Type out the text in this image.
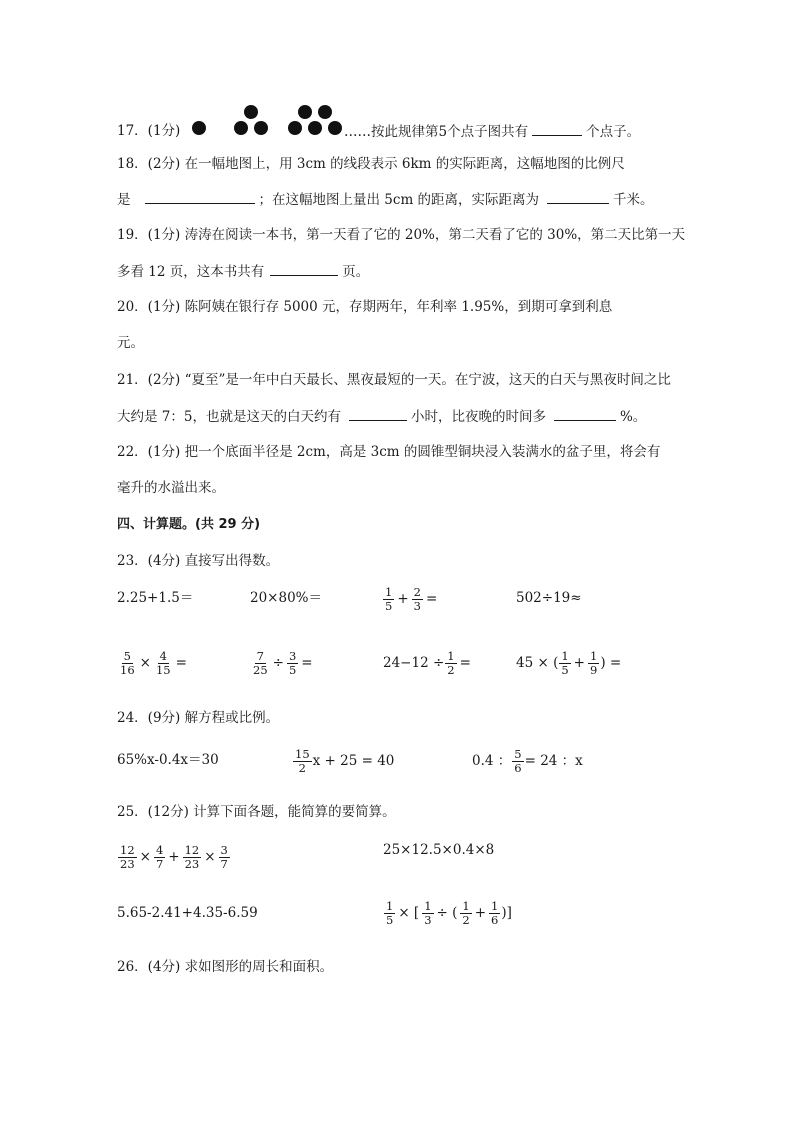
17．(1分)	……按此规律第5个点子图共有	个点子。
18．(2分) 在一幅地图上，用 3cm 的线段表示 6km 的实际距离，这幅地图的比例尺
是	；在这幅地图上量出 5cm 的距离，实际距离为	千米。
19．(1分) 涛涛在阅读一本书，第一天看了它的 20%，第二天看了它的 30%，第二天比第一天
多看 12 页，这本书共有	页。
20．(1分) 陈阿姨在银行存 5000 元，存期两年，年利率 1.95%，到期可拿到利息
元。
21．(2分) “夏至”是一年中白天最长、黑夜最短的一天。在宁波，这天的白天与黑夜时间之比
大约是 7：5，也就是这天的白天约有	小时，比夜晚的时间多	%。
22．(1分) 把一个底面半径是 2cm，高是 3cm 的圆锥型铜块浸入装满水的盆子里，将会有
毫升的水溢出来。
四、计算题。(共 29 分)
23．(4分) 直接写出得数。
2.25+1.5＝	20×80%＝	$\frac{1}{5} + \frac{2}{3}$ =	502÷19≈
$\frac{5}{16} \times \frac{4}{15}$ =	$\frac{7}{25} \div \frac{3}{5}$ =	$24-12 \div \frac{1}{2}$ =	45 × ( $\frac{1}{5} + \frac{1}{9}$ ) =
24．(9分) 解方程或比例。
65%x-0.4x＝30	$\frac{15}{2}$ x + 25 = 40	0.4 ： $\frac{5}{6} = 24$ ：x
25．(12分) 计算下面各题，能简算的要简算。
$\frac{12}{23} \times \frac{4}{7} + \frac{12}{23} \times \frac{3}{7}$	25×12.5×0.4×8
5.65-2.41+4.35-6.59	$\frac{1}{5}$ × [ $\frac{1}{3}$ ÷ ( $\frac{1}{2} + \frac{1}{6}$ )]
26．(4分) 求如图形的周长和面积。
